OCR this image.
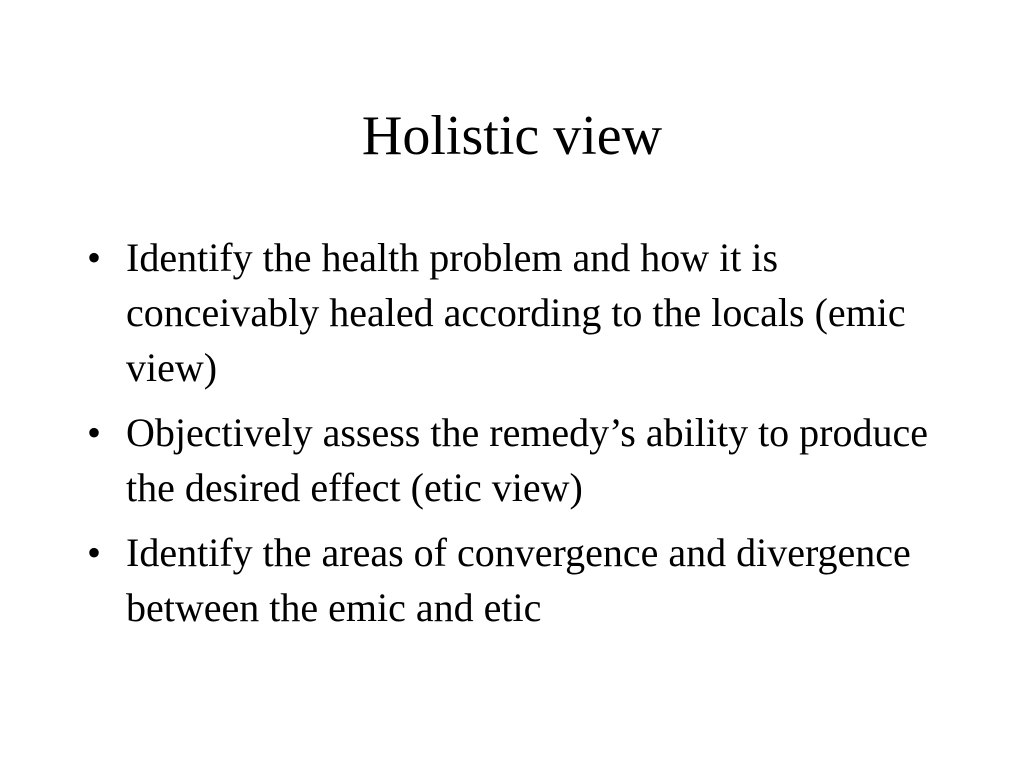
Holistic view
• Identify the health problem and how it is conceivably healed according to the locals (emic view)
• Objectively assess the remedy’s ability to produce the desired effect (etic view)
• Identify the areas of convergence and divergence between the emic and etic
